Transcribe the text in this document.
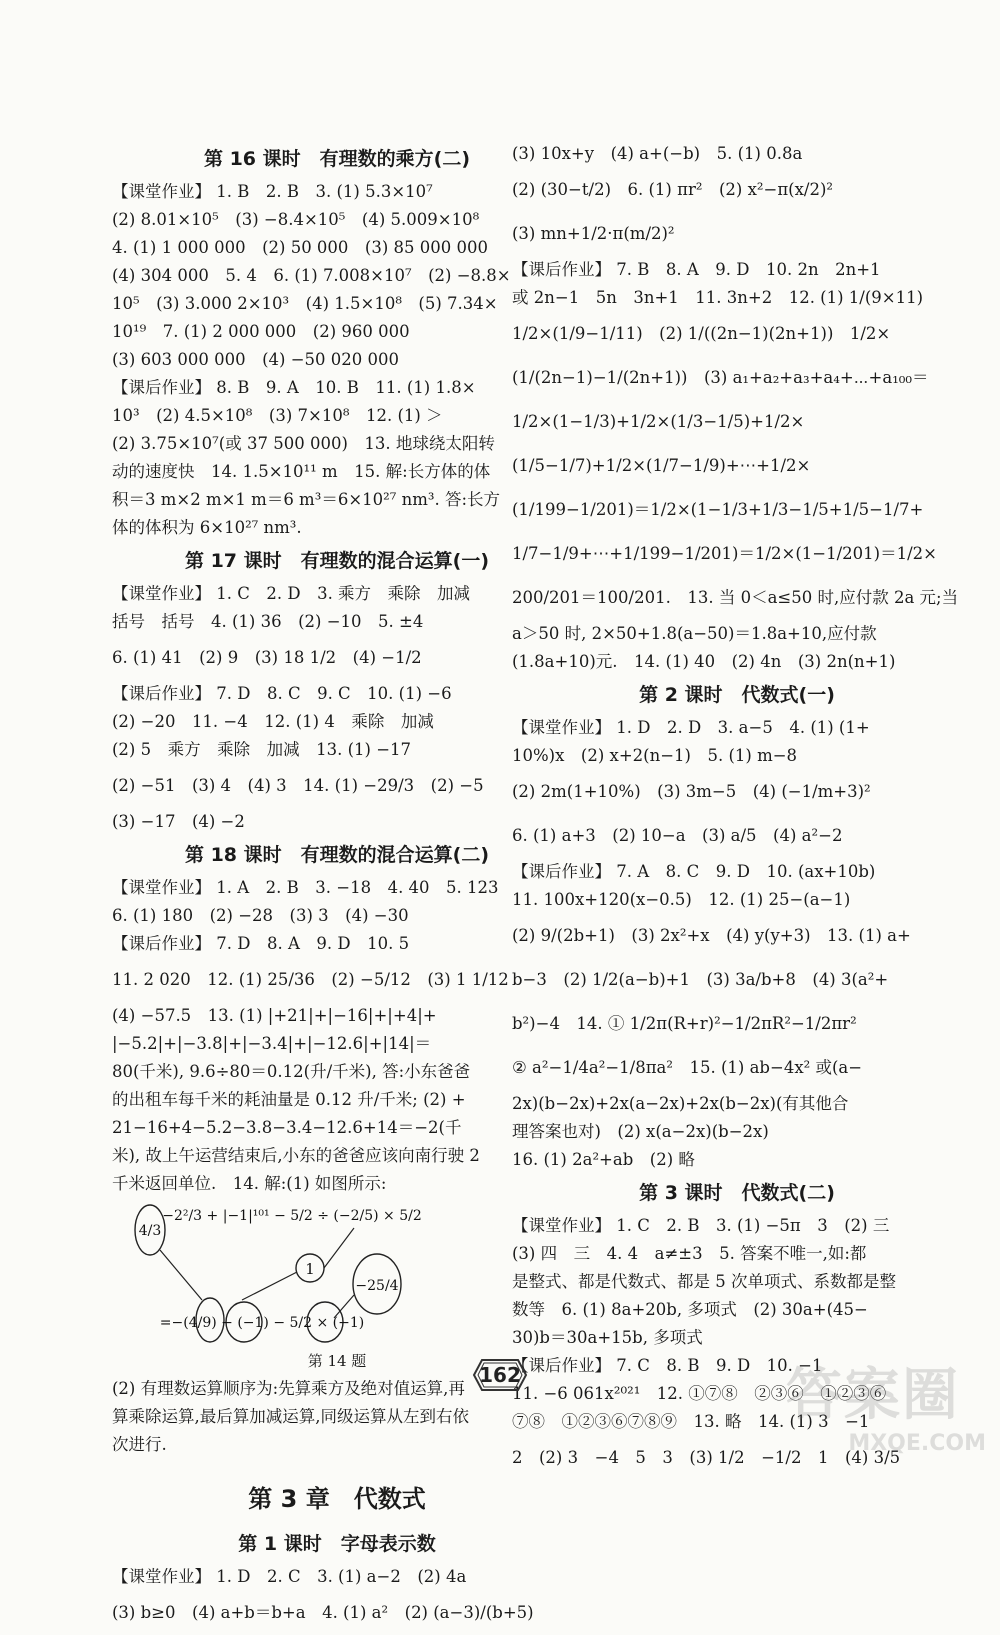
第 16 课时　有理数的乘方(二)
【课堂作业】 1. B　2. B　3. (1) 5.3×10⁷
(2) 8.01×10⁵　(3) −8.4×10⁵　(4) 5.009×10⁸
4. (1) 1 000 000　(2) 50 000　(3) 85 000 000
(4) 304 000　5. 4　6. (1) 7.008×10⁷　(2) −8.8×
10⁵　(3) 3.000 2×10³　(4) 1.5×10⁸　(5) 7.34×
10¹⁹　7. (1) 2 000 000　(2) 960 000
(3) 603 000 000　(4) −50 020 000
【课后作业】 8. B　9. A　10. B　11. (1) 1.8×
10³　(2) 4.5×10⁸　(3) 7×10⁸　12. (1) ＞
(2) 3.75×10⁷(或 37 500 000)　13. 地球绕太阳转
动的速度快　14. 1.5×10¹¹ m　15. 解:长方体的体
积＝3 m×2 m×1 m＝6 m³＝6×10²⁷ nm³. 答:长方
体的体积为 6×10²⁷ nm³.
第 17 课时　有理数的混合运算(一)
【课堂作业】 1. C　2. D　3. 乘方　乘除　加减
括号　括号　4. (1) 36　(2) −10　5. ±4
6. (1) 41　(2) 9　(3) 18 1/2　(4) −1/2
【课后作业】 7. D　8. C　9. C　10. (1) −6
(2) −20　11. −4　12. (1) 4　乘除　加减
(2) 5　乘方　乘除　加减　13. (1) −17
(2) −51　(3) 4　(4) 3　14. (1) −29/3　(2) −5
(3) −17　(4) −2
第 18 课时　有理数的混合运算(二)
【课堂作业】 1. A　2. B　3. −18　4. 40　5. 123
6. (1) 180　(2) −28　(3) 3　(4) −30
【课后作业】 7. D　8. A　9. D　10. 5
11. 2 020　12. (1) 25/36　(2) −5/12　(3) 1 1/12
(4) −57.5　13. (1) |+21|+|−16|+|+4|+
|−5.2|+|−3.8|+|−3.4|+|−12.6|+|14|＝
80(千米), 9.6÷80＝0.12(升/千米), 答:小东爸爸
的出租车每千米的耗油量是 0.12 升/千米; (2) +
21−16+4−5.2−3.8−3.4−12.6+14＝−2(千
米), 故上午运营结束后,小东的爸爸应该向南行驶 2
千米返回单位.　14. 解:(1) 如图所示:
4/3
1
−25/4
−2²/3 + |−1|¹⁰¹ − 5/2 ÷ (−2/5) × 5/2
=−(4/9) − (−1) − 5/2 × (−1)
第 14 题
(2) 有理数运算顺序为:先算乘方及绝对值运算,再
算乘除运算,最后算加减运算,同级运算从左到右依
次进行.
第 3 章　代数式
第 1 课时　字母表示数
【课堂作业】 1. D　2. C　3. (1) a−2　(2) 4a
(3) b≥0　(4) a+b＝b+a　4. (1) a²　(2) (a−3)/(b+5)
(3) 10x+y　(4) a+(−b)　5. (1) 0.8a
(2) (30−t/2)　6. (1) πr²　(2) x²−π(x/2)²
(3) mn+1/2·π(m/2)²
【课后作业】 7. B　8. A　9. D　10. 2n　2n+1
或 2n−1　5n　3n+1　11. 3n+2　12. (1) 1/(9×11)
1/2×(1/9−1/11)　(2) 1/((2n−1)(2n+1))　1/2×
(1/(2n−1)−1/(2n+1))　(3) a₁+a₂+a₃+a₄+⋯+a₁₀₀＝
1/2×(1−1/3)+1/2×(1/3−1/5)+1/2×
(1/5−1/7)+1/2×(1/7−1/9)+⋯+1/2×
(1/199−1/201)＝1/2×(1−1/3+1/3−1/5+1/5−1/7+
1/7−1/9+⋯+1/199−1/201)＝1/2×(1−1/201)＝1/2×
200/201＝100/201.　13. 当 0＜a≤50 时,应付款 2a 元;当
a＞50 时, 2×50+1.8(a−50)＝1.8a+10,应付款
(1.8a+10)元.　14. (1) 40　(2) 4n　(3) 2n(n+1)
第 2 课时　代数式(一)
【课堂作业】 1. D　2. D　3. a−5　4. (1) (1+
10%)x　(2) x+2(n−1)　5. (1) m−8
(2) 2m(1+10%)　(3) 3m−5　(4) (−1/m+3)²
6. (1) a+3　(2) 10−a　(3) a/5　(4) a²−2
【课后作业】 7. A　8. C　9. D　10. (ax+10b)
11. 100x+120(x−0.5)　12. (1) 25−(a−1)
(2) 9/(2b+1)　(3) 2x²+x　(4) y(y+3)　13. (1) a+
b−3　(2) 1/2(a−b)+1　(3) 3a/b+8　(4) 3(a²+
b²)−4　14. ① 1/2π(R+r)²−1/2πR²−1/2πr²
② a²−1/4a²−1/8πa²　15. (1) ab−4x² 或(a−
2x)(b−2x)+2x(a−2x)+2x(b−2x)(有其他合
理答案也对)　(2) x(a−2x)(b−2x)
16. (1) 2a²+ab　(2) 略
第 3 课时　代数式(二)
【课堂作业】 1. C　2. B　3. (1) −5π　3　(2) 三
(3) 四　三　4. 4　a≠±3　5. 答案不唯一,如:都
是整式、都是代数式、都是 5 次单项式、系数都是整
数等　6. (1) 8a+20b, 多项式　(2) 30a+(45−
30)b＝30a+15b, 多项式
【课后作业】 7. C　8. B　9. D　10. −1
11. −6 061x²⁰²¹　12. ①⑦⑧　②③⑥　①②③⑥
⑦⑧　①②③⑥⑦⑧⑨　13. 略　14. (1) 3　−1
2　(2) 3　−4　5　3　(3) 1/2　−1/2　1　(4) 3/5
162	答案圈
MXQE.COM
